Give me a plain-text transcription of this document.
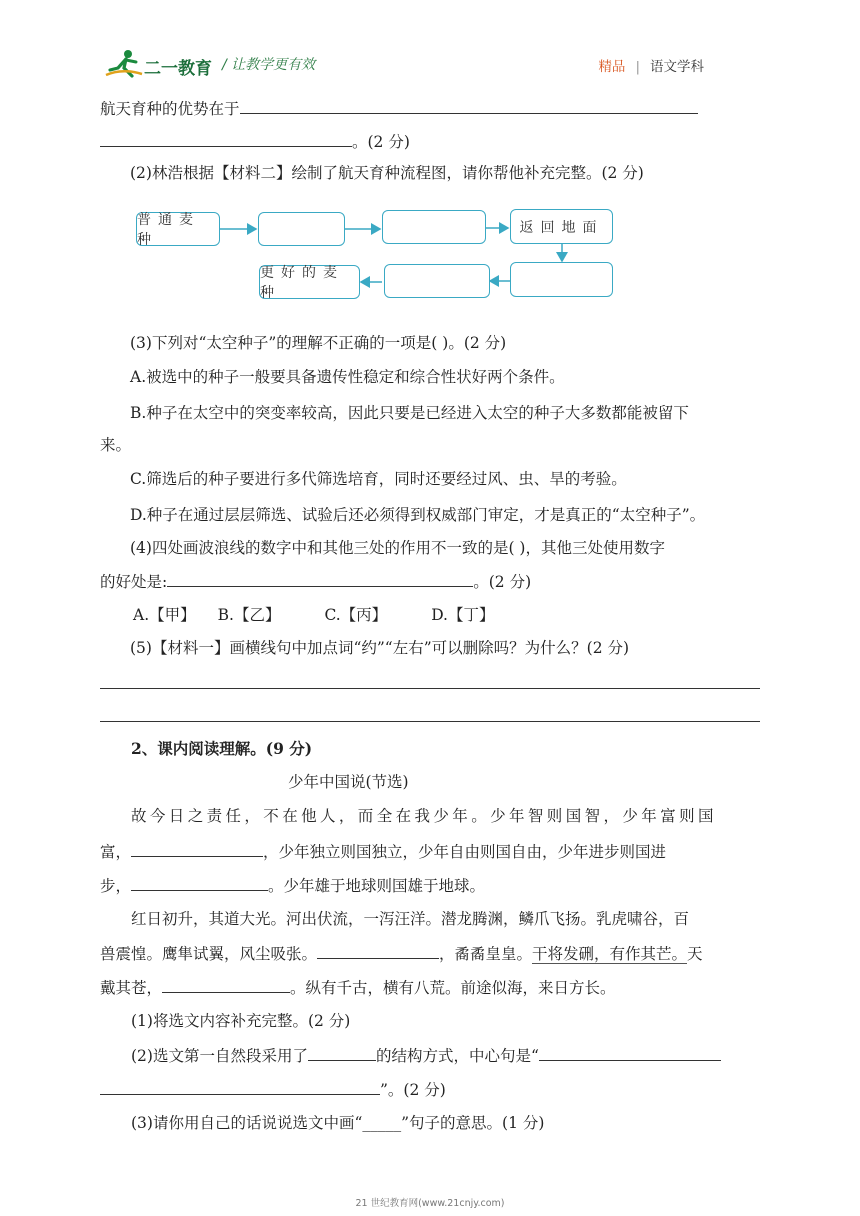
二一教育 / 让教学更有效	精品 | 语文学科
航天育种的优势在于
。(2 分)
(2)林浩根据【材料二】绘制了航天育种流程图，请你帮他补充完整。(2 分)
普通麦种
返回地面
更好的麦种
(3)下列对“太空种子”的理解不正确的一项是( )。(2 分)
A.被选中的种子一般要具备遗传性稳定和综合性状好两个条件。
B.种子在太空中的突变率较高，因此只要是已经进入太空的种子大多数都能被留下
来。
C.筛选后的种子要进行多代筛选培育，同时还要经过风、虫、旱的考验。
D.种子在通过层层筛选、试验后还必须得到权威部门审定，才是真正的“太空种子”。
(4)四处画波浪线的数字中和其他三处的作用不一致的是( )，其他三处使用数字
的好处是:	。(2 分)
A.【甲】 B.【乙】	C.【丙】	D.【丁】
(5)【材料一】画横线句中加点词“约”“左右”可以删除吗？为什么？(2 分)
2、课内阅读理解。(9 分)
少年中国说(节选)
故今日之责任，不在他人，而全在我少年。少年智则国智，少年富则国
富，	，少年独立则国独立，少年自由则国自由，少年进步则国进
步，	。少年雄于地球则国雄于地球。
红日初升，其道大光。河出伏流，一泻汪洋。潜龙腾渊，鳞爪飞扬。乳虎啸谷，百
兽震惶。鹰隼试翼，风尘吸张。	，矞矞皇皇。干将发硎，有作其芒。天
戴其苍，	。纵有千古，横有八荒。前途似海，来日方长。
(1)将选文内容补充完整。(2 分)
(2)选文第一自然段采用了	的结构方式，中心句是“
”。(2 分)
(3)请你用自己的话说说选文中画“_____”句子的意思。(1 分)
21 世纪教育网(www.21cnjy.com)
